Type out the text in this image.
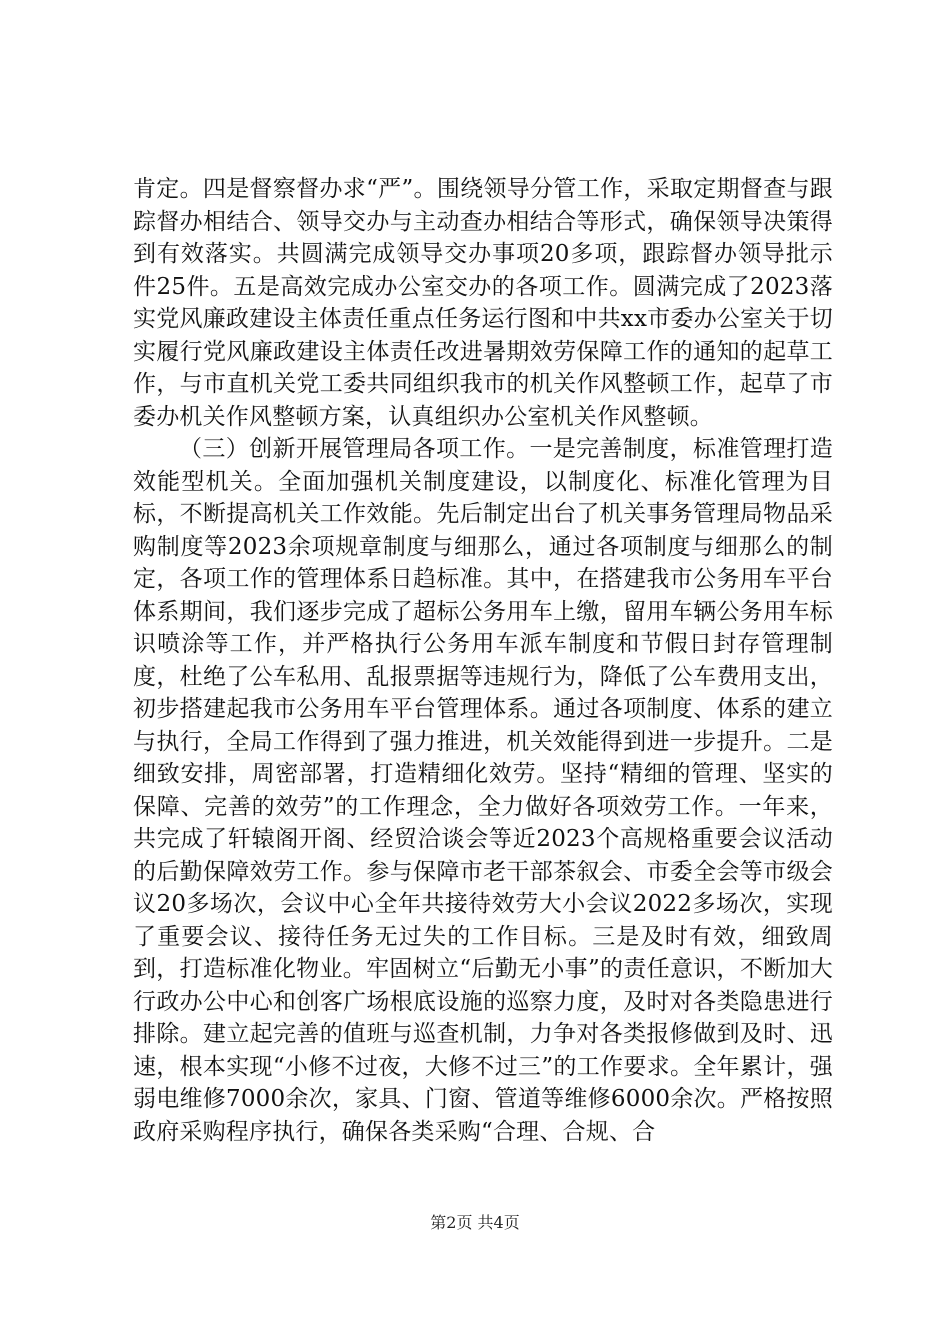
肯定。四是督察督办求“严”。围绕领导分管工作，采取定期督查与跟踪督办相结合、领导交办与主动查办相结合等形式，确保领导决策得到有效落实。共圆满完成领导交办事项20多项，跟踪督办领导批示件25件。五是高效完成办公室交办的各项工作。圆满完成了2023落实党风廉政建设主体责任重点任务运行图和中共xx市委办公室关于切实履行党风廉政建设主体责任改进暑期效劳保障工作的通知的起草工作，与市直机关党工委共同组织我市的机关作风整顿工作，起草了市委办机关作风整顿方案，认真组织办公室机关作风整顿。

（三）创新开展管理局各项工作。一是完善制度，标准管理打造效能型机关。全面加强机关制度建设，以制度化、标准化管理为目标，不断提高机关工作效能。先后制定出台了机关事务管理局物品采购制度等2023余项规章制度与细那么，通过各项制度与细那么的制定，各项工作的管理体系日趋标准。其中，在搭建我市公务用车平台体系期间，我们逐步完成了超标公务用车上缴，留用车辆公务用车标识喷涂等工作，并严格执行公务用车派车制度和节假日封存管理制度，杜绝了公车私用、乱报票据等违规行为，降低了公车费用支出，初步搭建起我市公务用车平台管理体系。通过各项制度、体系的建立与执行，全局工作得到了强力推进，机关效能得到进一步提升。二是细致安排，周密部署，打造精细化效劳。坚持“精细的管理、坚实的保障、完善的效劳”的工作理念，全力做好各项效劳工作。一年来，共完成了轩辕阁开阁、经贸洽谈会等近2023个高规格重要会议活动的后勤保障效劳工作。参与保障市老干部茶叙会、市委全会等市级会议20多场次，会议中心全年共接待效劳大小会议2022多场次，实现了重要会议、接待任务无过失的工作目标。三是及时有效，细致周到，打造标准化物业。牢固树立“后勤无小事”的责任意识，不断加大行政办公中心和创客广场根底设施的巡察力度，及时对各类隐患进行排除。建立起完善的值班与巡查机制，力争对各类报修做到及时、迅速，根本实现“小修不过夜，大修不过三”的工作要求。全年累计，强弱电维修7000余次，家具、门窗、管道等维修6000余次。严格按照政府采购程序执行，确保各类采购“合理、合规、合

第2页 共4页
